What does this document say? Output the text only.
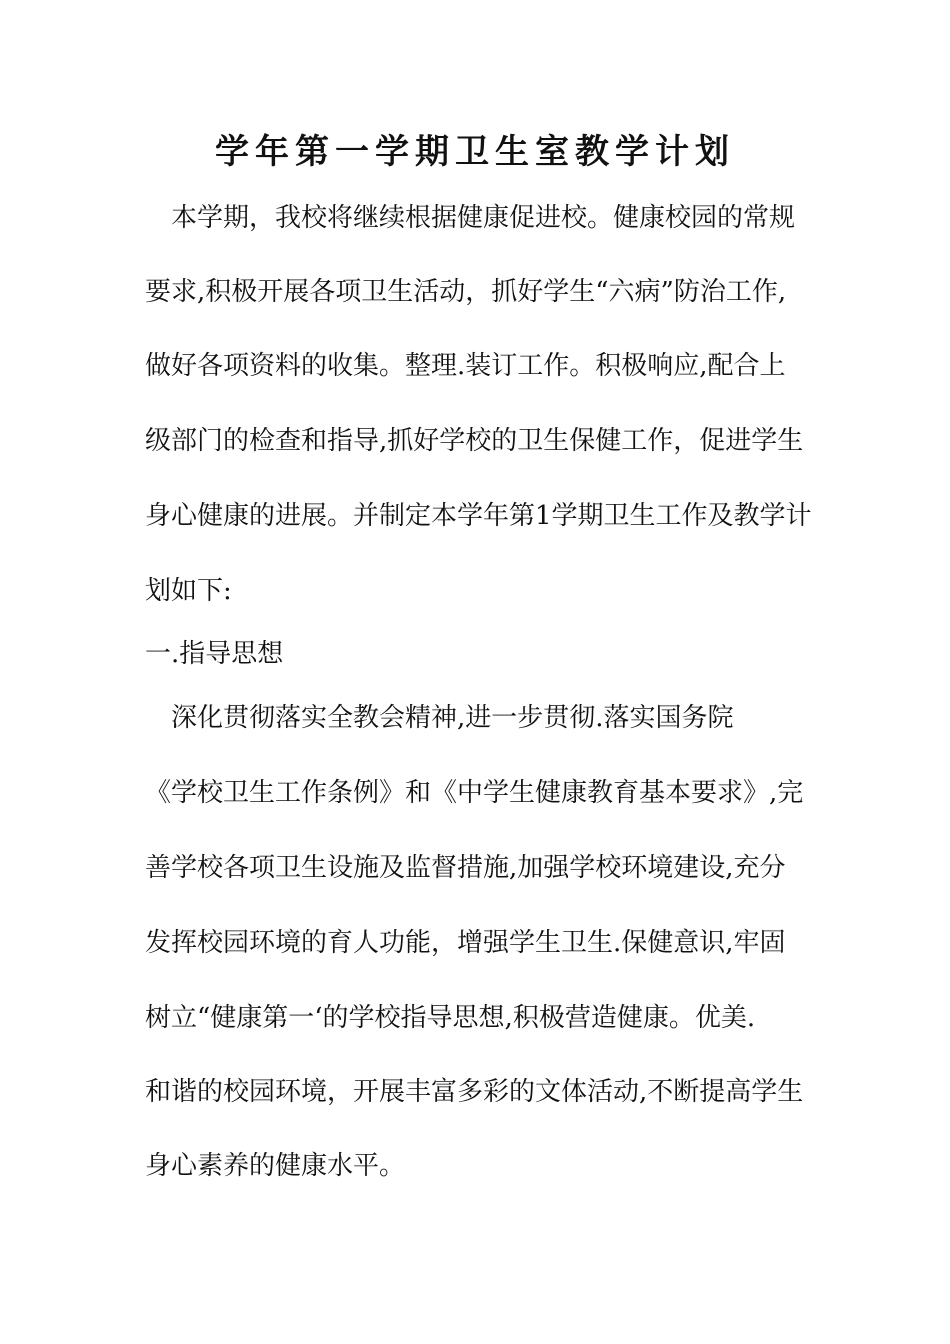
学年第一学期卫生室教学计划
　本学期，我校将继续根据健康促进校。健康校园的常规
要求,积极开展各项卫生活动，抓好学生“六病”防治工作,
做好各项资料的收集。整理.装订工作。积极响应,配合上
级部门的检查和指导,抓好学校的卫生保健工作，促进学生
身心健康的进展。并制定本学年第1学期卫生工作及教学计
划如下:
一.指导思想
　深化贯彻落实全教会精神,进一步贯彻.落实国务院
《学校卫生工作条例》和《中学生健康教育基本要求》,完
善学校各项卫生设施及监督措施,加强学校环境建设,充分
发挥校园环境的育人功能，增强学生卫生.保健意识,牢固
树立“健康第一‘的学校指导思想,积极营造健康。优美.
和谐的校园环境，开展丰富多彩的文体活动,不断提高学生
身心素养的健康水平。
